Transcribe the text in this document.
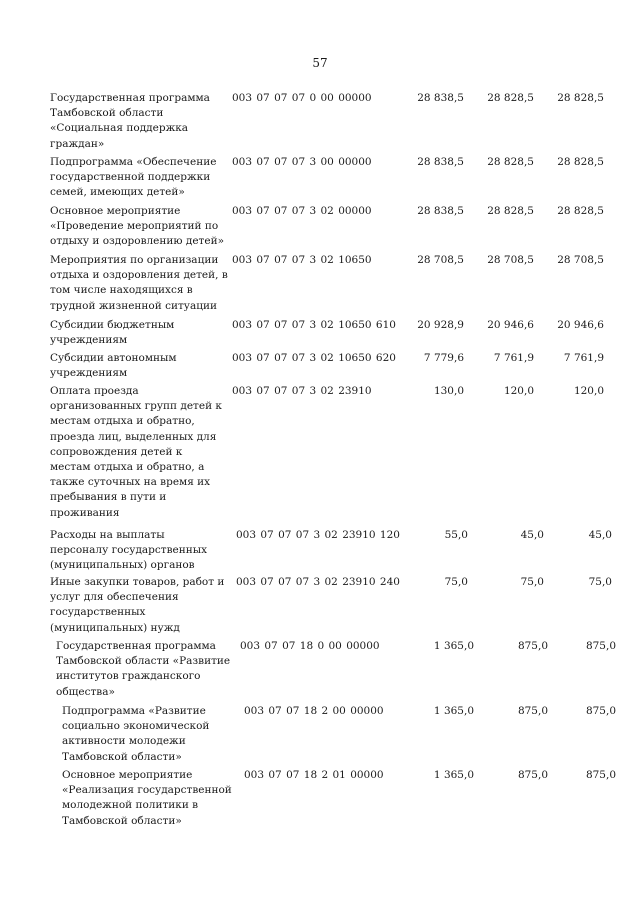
57
Государственная программа Тамбовской области «Социальная поддержка граждан»
003 07 07 07 0 00 00000	28 838,5	28 828,5	28 828,5
Подпрограмма «Обеспечение государственной поддержки семей, имеющих детей»
003 07 07 07 3 00 00000	28 838,5	28 828,5	28 828,5
Основное мероприятие «Проведение мероприятий по отдыху и оздоровлению детей»
003 07 07 07 3 02 00000	28 838,5	28 828,5	28 828,5
Мероприятия по организации отдыха и оздоровления детей, в том числе находящихся в трудной жизненной ситуации
003 07 07 07 3 02 10650	28 708,5	28 708,5	28 708,5
Субсидии бюджетным учреждениям
003 07 07 07 3 02 10650 610	20 928,9	20 946,6	20 946,6
Субсидии автономным учреждениям
003 07 07 07 3 02 10650 620	7 779,6	7 761,9	7 761,9
Оплата проезда организованных групп детей к местам отдыха и обратно, проезда лиц, выделенных для сопровождения детей к местам отдыха и обратно, а также суточных на время их пребывания в пути и проживания
003 07 07 07 3 02 23910	130,0	120,0	120,0
Расходы на выплаты персоналу государственных (муниципальных) органов
003 07 07 07 3 02 23910 120	55,0	45,0	45,0
Иные закупки товаров, работ и услуг для обеспечения государственных (муниципальных) нужд
003 07 07 07 3 02 23910 240	75,0	75,0	75,0
Государственная программа Тамбовской области «Развитие институтов гражданского общества»
003 07 07 18 0 00 00000	1 365,0	875,0	875,0
Подпрограмма «Развитие социально экономической активности молодежи Тамбовской области»
003 07 07 18 2 00 00000	1 365,0	875,0	875,0
Основное мероприятие «Реализация государственной молодежной политики в Тамбовской области»
003 07 07 18 2 01 00000	1 365,0	875,0	875,0
